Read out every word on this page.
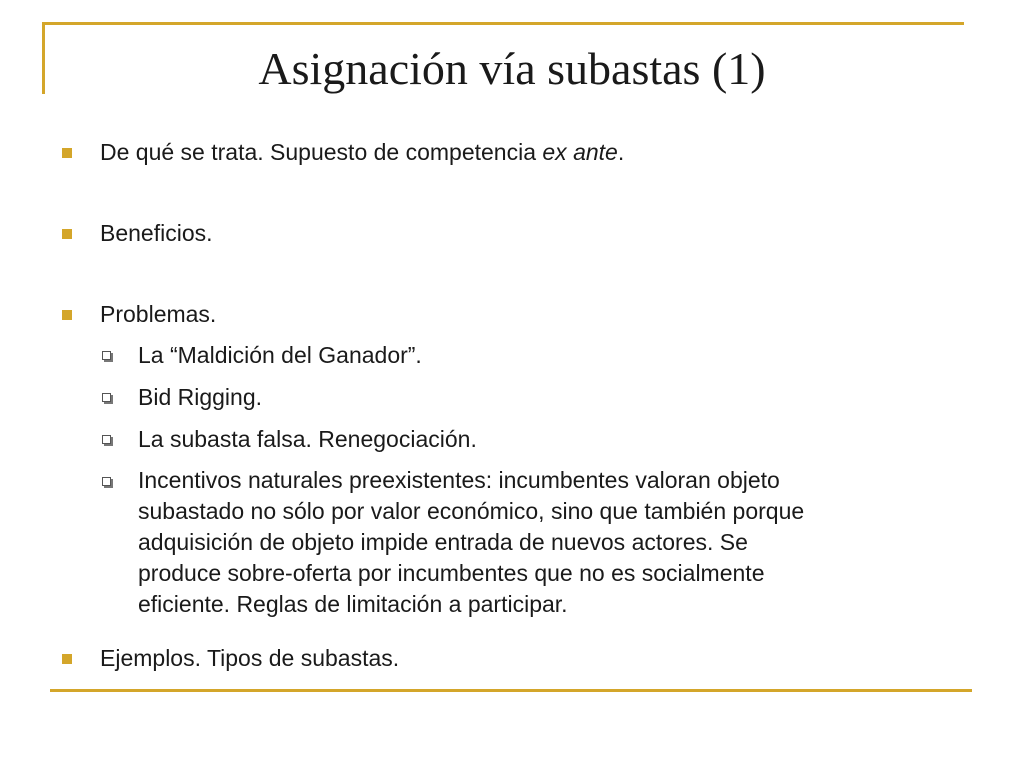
Asignación vía subastas (1)
De qué se trata. Supuesto de competencia ex ante.
Beneficios.
Problemas.
La “Maldición del Ganador”.
Bid Rigging.
La subasta falsa. Renegociación.
Incentivos naturales preexistentes: incumbentes valoran objeto
subastado no sólo por valor económico, sino que también porque
adquisición de objeto impide entrada de nuevos actores. Se
produce sobre-oferta por incumbentes que no es socialmente
eficiente. Reglas de limitación a participar.
Ejemplos. Tipos de subastas.
